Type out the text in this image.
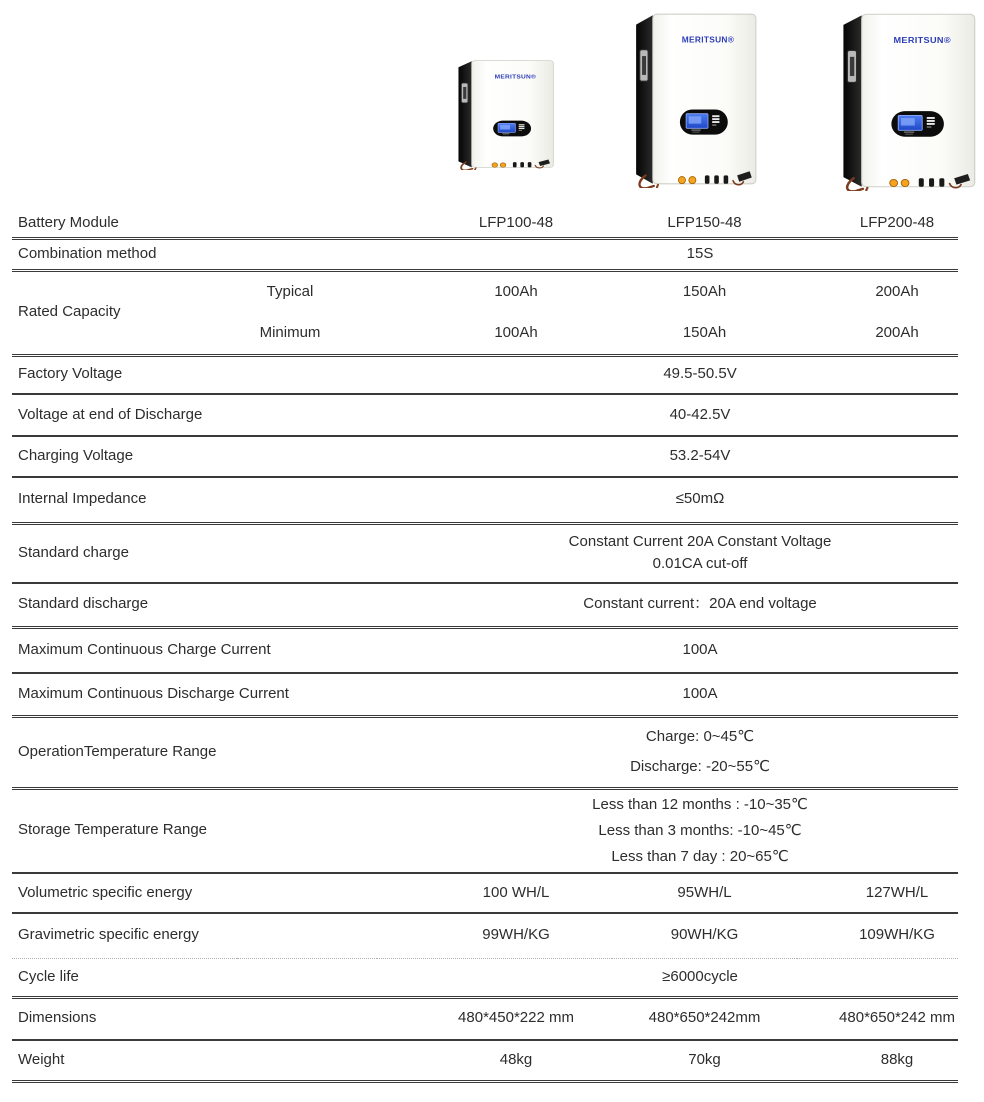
Battery Module		LFP100-48	LFP150-48	LFP200-48
Combination method		15S		
Rated Capacity	Typical	100Ah	150Ah	200Ah
	Minimum	100Ah	150Ah	200Ah
Factory Voltage		49.5-50.5V		
Voltage at end of Discharge		40-42.5V		
Charging Voltage		53.2-54V		
Internal Impedance		≤50mΩ		
Standard charge		Constant Current 20A Constant Voltage
0.01CA cut-off		

Standard discharge		Constant current：20A end voltage		
Maximum Continuous Charge Current		100A		
Maximum Continuous Discharge Current		100A		
OperationTemperature Range		Charge: 0~45℃
Discharge: -20~55℃		

Storage Temperature Range		Less than 12 months : -10~35℃
Less than 3 months: -10~45℃
Less than 7 day : 20~65℃		

Volumetric specific energy		100 WH/L	95WH/L	127WH/L
Gravimetric specific energy		99WH/KG	90WH/KG	109WH/KG
Cycle life		≥6000cycle		
Dimensions		480*450*222 mm	480*650*242mm	480*650*242 mm
Weight		48kg	70kg	88kg
